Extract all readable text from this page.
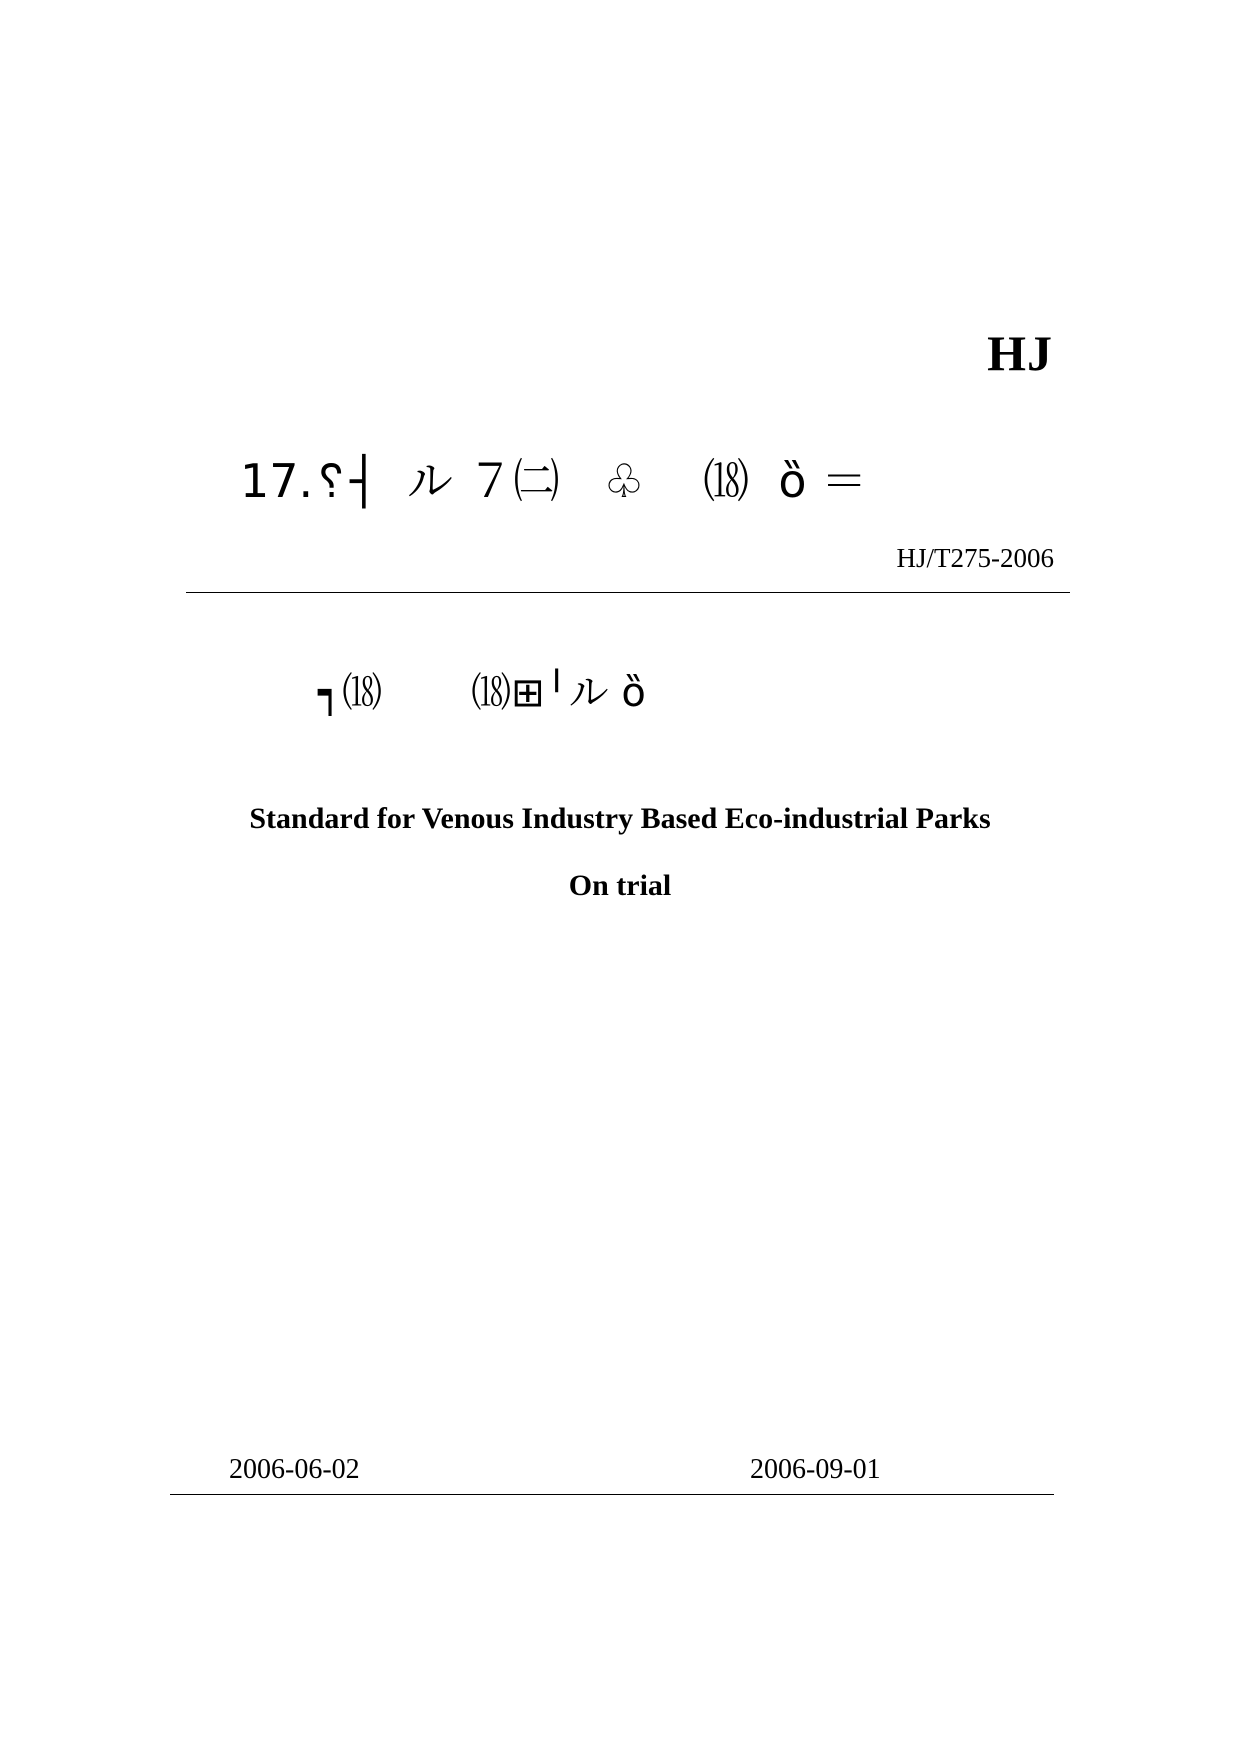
HJ
17.␦┤  ル ７㈡   ♧    ⒅  ȍ ＝
HJ/T275-2006
┑⒅       ⒅⊞╵ル ȍ
Standard for Venous Industry Based Eco-industrial Parks
On trial
2006-06-02	2006-09-01
